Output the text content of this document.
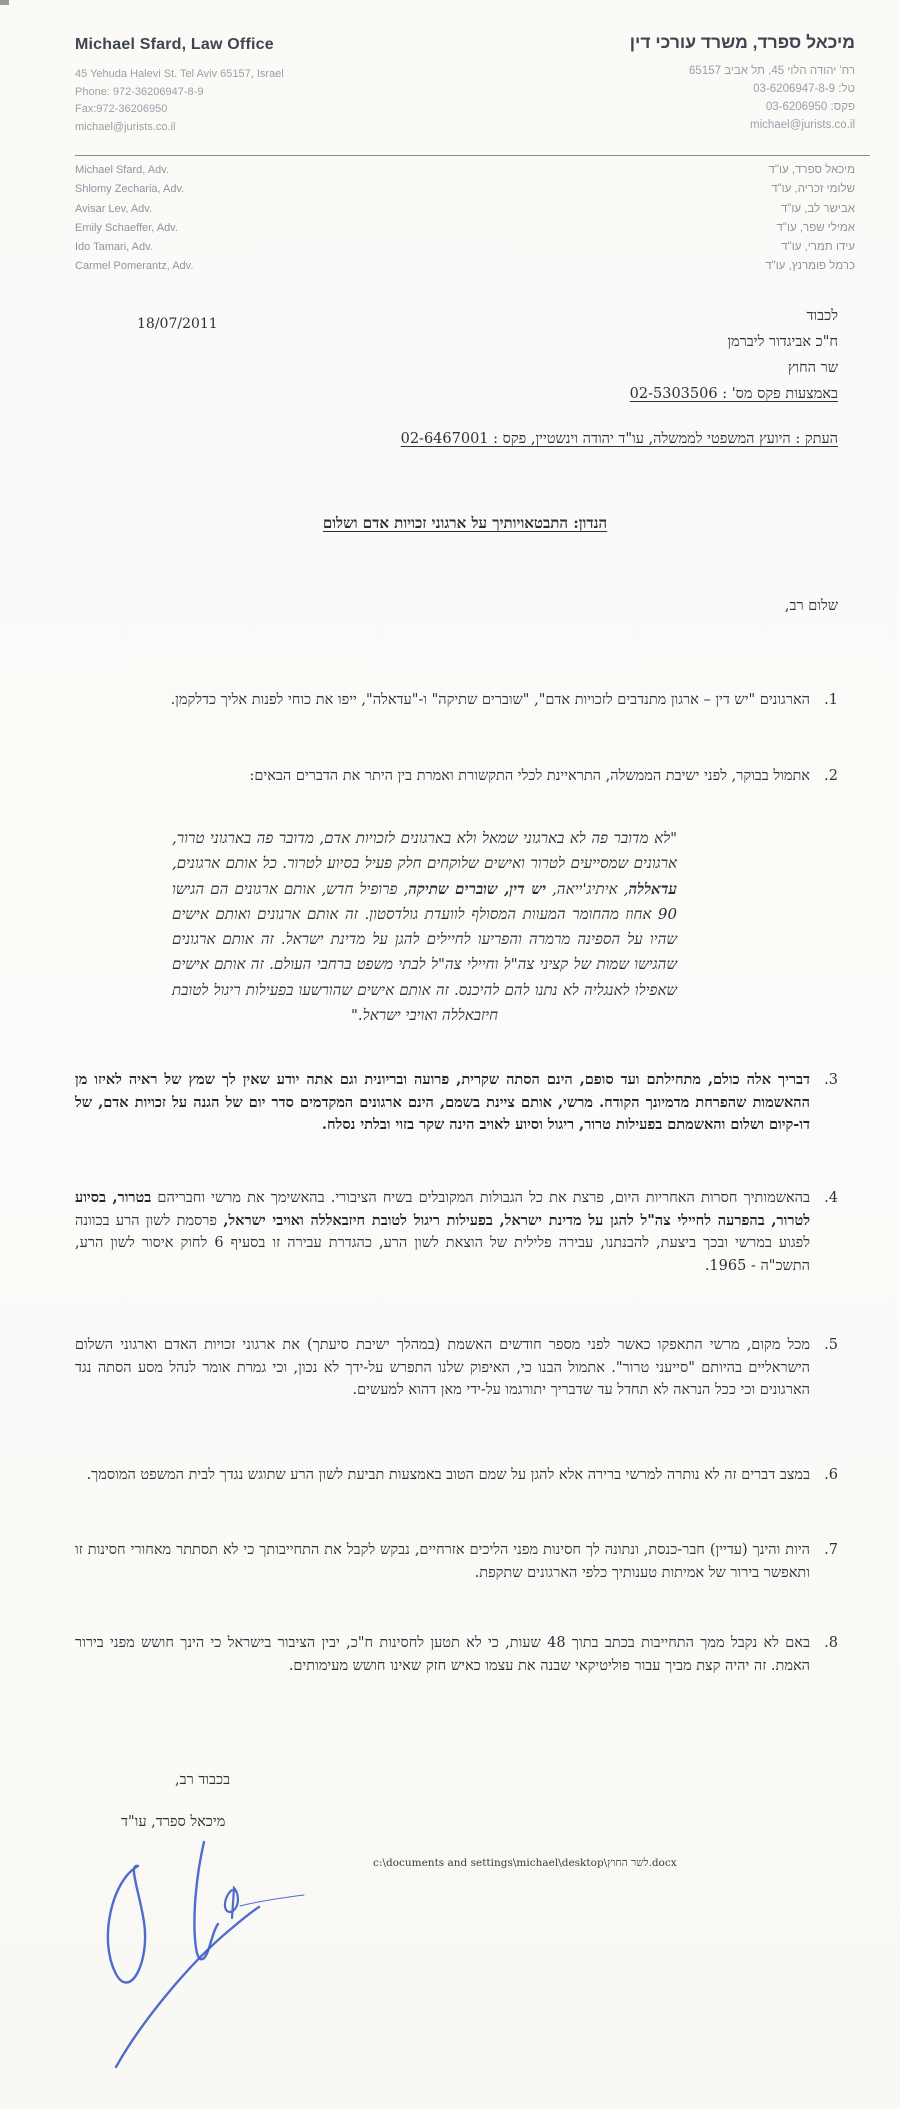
Michael Sfard, Law Office
45 Yehuda Halevi St. Tel Aviv 65157, Israel
Phone: 972-36206947-8-9
Fax:972-36206950
michael@jurists.co.il
מיכאל ספרד, משרד עורכי דין
רח' יהודה הלוי 45, תל אביב 65157
טל: 03-6206947-8-9
פקס: 03-6206950
michael@jurists.co.il
Michael Sfard, Adv.
Shlomy Zecharia, Adv.
Avisar Lev, Adv.
Emily Schaeffer, Adv.
Ido Tamari, Adv.
Carmel Pomerantz, Adv.
מיכאל ספרד, עו"ד
שלומי זכריה, עו"ד
אבישר לב, עו"ד
אמילי שפר, עו"ד
עידו תמרי, עו"ד
כרמל פומרנץ, עו"ד
18/07/2011	לכבוד
ח"כ אביגדור ליברמן
שר החוץ
באמצעות פקס מס' : 02-5303506
העתק : היועץ המשפטי לממשלה, עו"ד יהודה וינשטיין, פקס : 02-6467001
הנדון: התבטאויותיך על ארגוני זכויות אדם ושלום
שלום רב,
1.
הארגונים "יש דין – ארגון מתנדבים לזכויות אדם", "שוברים שתיקה" ו-"עדאלה", ייפו את כוחי לפנות אליך כדלקמן.
2.
אתמול בבוקר, לפני ישיבת הממשלה, התראיינת לכלי התקשורת ואמרת בין היתר את הדברים הבאים:
"לא מדובר פה לא בארגוני שמאל ולא בארגונים לזכויות אדם, מדובר פה בארגוני טרור, ארגונים שמסייעים לטרור ואישים שלוקחים חלק פעיל בסיוע לטרור. כל אותם ארגונים, עדאללה, איתיג'ייאה, יש דין, שוברים שתיקה, פרופיל חדש, אותם ארגונים הם הגישו 90 אחוז מהחומר המעוות המסולף לוועדת גולדסטון. זה אותם ארגונים ואותם אישים שהיו על הספינה מרמרה והפריעו לחיילים להגן על מדינת ישראל. זה אותם ארגונים שהגישו שמות של קציני צה"ל וחיילי צה"ל לבתי משפט ברחבי העולם. זה אותם אישים שאפילו לאנגליה לא נתנו להם להיכנס. זה אותם אישים שהורשעו בפעילות ריגול לטובת חיזבאללה ואויבי ישראל."
3.
דבריך אלה כולם, מתחילתם ועד סופם, הינם הסתה שקרית, פרועה ובריונית וגם אתה יודע שאין לך שמץ של ראיה לאיזו מן ההאשמות שהפרחת מדמיונך הקודח. מרשי, אותם ציינת בשמם, הינם ארגונים המקדמים סדר יום של הגנה על זכויות אדם, של דו-קיום ושלום והאשמתם בפעילות טרור, ריגול וסיוע לאויב הינה שקר בזוי ובלתי נסלח.
4.
בהאשמותיך חסרות האחריות היום, פרצת את כל הגבולות המקובלים בשיח הציבורי. בהאשימך את מרשי וחבריהם בטרור, בסיוע לטרור, בהפרעה לחיילי צה"ל להגן על מדינת ישראל, בפעילות ריגול לטובת חיזבאללה ואויבי ישראל, פרסמת לשון הרע בכוונה לפגוע במרשי ובכך ביצעת, להבנתנו, עבירה פלילית של הוצאת לשון הרע, כהגדרת עבירה זו בסעיף 6 לחוק איסור לשון הרע, התשכ"ה - 1965.
5.
מכל מקום, מרשי התאפקו כאשר לפני מספר חודשים האשמת (במהלך ישיבת סיעתך) את ארגוני זכויות האדם וארגוני השלום הישראליים בהיותם "סייעני טרור". אתמול הבנו כי, האיפוק שלנו התפרש על-ידך לא נכון, וכי גמרת אומר לנהל מסע הסתה נגד הארגונים וכי ככל הנראה לא תחדל עד שדבריך יתורגמו על-ידי מאן דהוא למעשים.
6.
במצב דברים זה לא נותרה למרשי ברירה אלא להגן על שמם הטוב באמצעות תביעת לשון הרע שתוגש נגדך לבית המשפט המוסמך.
7.
היות והינך (עדיין) חבר-כנסת, ונתונה לך חסינות מפני הליכים אזרחיים, נבקש לקבל את התחייבותך כי לא תסתתר מאחורי חסינות זו ותאפשר בירור של אמיתות טענותיך כלפי הארגונים שתקפת.
8.
באם לא נקבל ממך התחייבות בכתב בתוך 48 שעות, כי לא תטען לחסינות ח"כ, יבין הציבור בישראל כי הינך חושש מפני בירור האמת. זה יהיה קצת מביך עבור פוליטיקאי שבנה את עצמו כאיש חזק שאינו חושש מעימותים.
בכבוד רב,
מיכאל ספרד, עו"ד
c:\documents and settings\michael\desktop\לשר החוץ.docx
